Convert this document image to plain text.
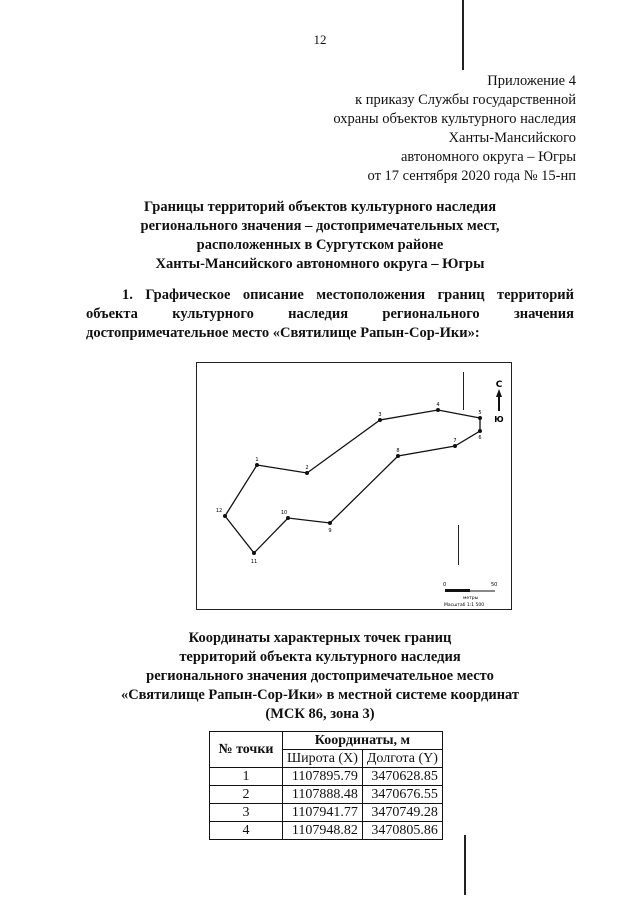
12
Приложение 4
к приказу Службы государственной
охраны объектов культурного наследия
Ханты-Мансийского
автономного округа – Югры
от 17 сентября 2020 года № 15-нп
Границы территорий объектов культурного наследия
регионального значения – достопримечательных мест,
расположенных в Сургутском районе
Ханты-Мансийского автономного округа – Югры
1. Графическое описание местоположения границ территорий объекта культурного наследия регионального значения достопримечательное место «Святилище Рапын-Сор-Ики»:
1
2
3
4
5
6
7
8
9
10
11
12
С
Ю
0	50
метры
Масштаб 1:1 500
Координаты характерных точек границ
территорий объекта культурного наследия
регионального значения достопримечательное место
«Святилище Рапын-Сор-Ики» в местной системе координат
(МСК 86, зона 3)
№ точки	Координаты, м	
	Широта (X)	Долгота (Y)
1	1107895.79	3470628.85
2	1107888.48	3470676.55
3	1107941.77	3470749.28
4	1107948.82	3470805.86
